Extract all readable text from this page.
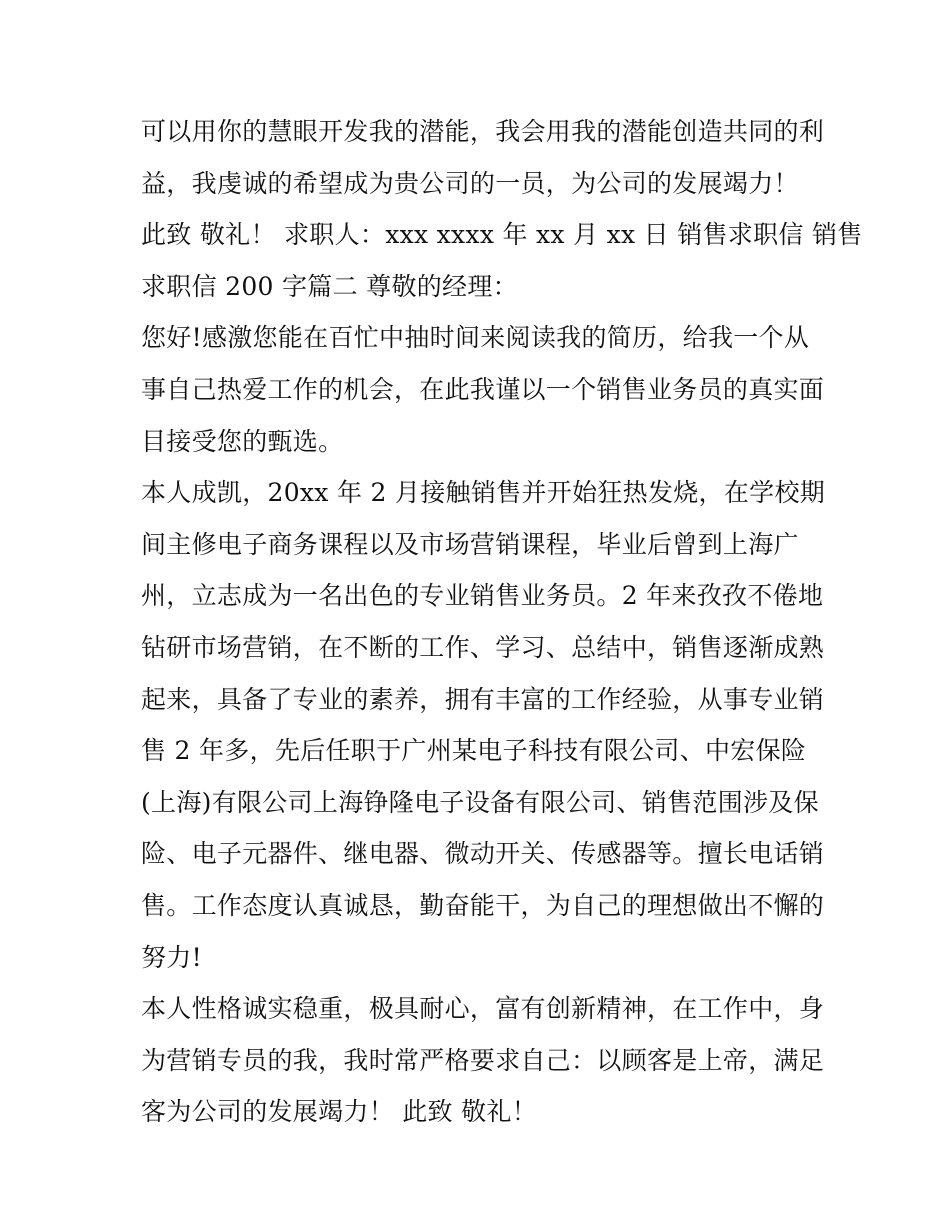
可以用你的慧眼开发我的潜能，我会用我的潜能创造共同的利
益，我虔诚的希望成为贵公司的一员，为公司的发展竭力！
此致 敬礼！ 求职人：xxx xxxx 年 xx 月 xx 日 销售求职信 销售
求职信 200 字篇二 尊敬的经理：
您好!感激您能在百忙中抽时间来阅读我的简历，给我一个从
事自己热爱工作的机会，在此我谨以一个销售业务员的真实面
目接受您的甄选。
本人成凯，20xx 年 2 月接触销售并开始狂热发烧，在学校期
间主修电子商务课程以及市场营销课程，毕业后曾到上海广
州，立志成为一名出色的专业销售业务员。2 年来孜孜不倦地
钻研市场营销，在不断的工作、学习、总结中，销售逐渐成熟
起来，具备了专业的素养，拥有丰富的工作经验，从事专业销
售 2 年多，先后任职于广州某电子科技有限公司、中宏保险
(上海)有限公司上海铮隆电子设备有限公司、销售范围涉及保
险、电子元器件、继电器、微动开关、传感器等。擅长电话销
售。工作态度认真诚恳，勤奋能干，为自己的理想做出不懈的
努力!
本人性格诚实稳重，极具耐心，富有创新精神，在工作中，身
为营销专员的我，我时常严格要求自己：以顾客是上帝，满足
客为公司的发展竭力！ 此致 敬礼！
